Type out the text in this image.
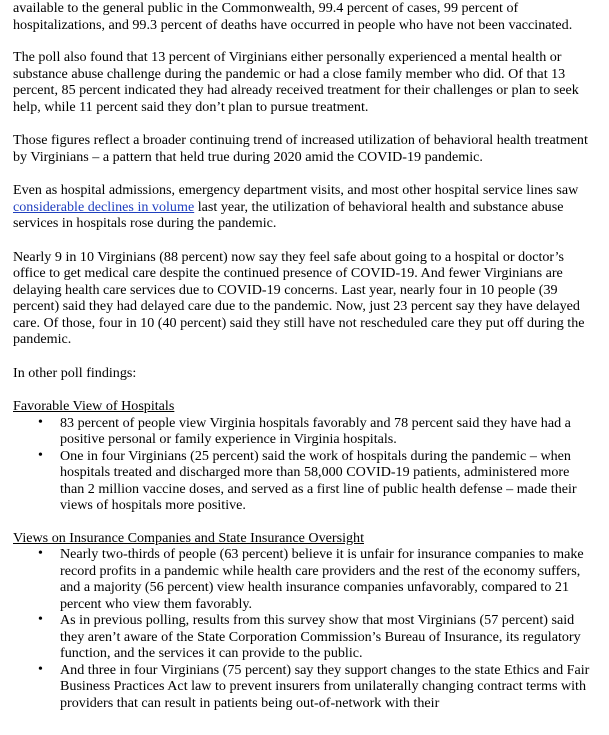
available to the general public in the Commonwealth, 99.4 percent of cases, 99 percent of hospitalizations, and 99.3 percent of deaths have occurred in people who have not been vaccinated.

The poll also found that 13 percent of Virginians either personally experienced a mental health or substance abuse challenge during the pandemic or had a close family member who did. Of that 13 percent, 85 percent indicated they had already received treatment for their challenges or plan to seek help, while 11 percent said they don’t plan to pursue treatment.

Those figures reflect a broader continuing trend of increased utilization of behavioral health treatment by Virginians – a pattern that held true during 2020 amid the COVID-19 pandemic.

Even as hospital admissions, emergency department visits, and most other hospital service lines saw considerable declines in volume last year, the utilization of behavioral health and substance abuse services in hospitals rose during the pandemic.

Nearly 9 in 10 Virginians (88 percent) now say they feel safe about going to a hospital or doctor’s office to get medical care despite the continued presence of COVID-19. And fewer Virginians are delaying health care services due to COVID-19 concerns. Last year, nearly four in 10 people (39 percent) said they had delayed care due to the pandemic. Now, just 23 percent say they have delayed care. Of those, four in 10 (40 percent) said they still have not rescheduled care they put off during the pandemic.

In other poll findings:

Favorable View of Hospitals
• 83 percent of people view Virginia hospitals favorably and 78 percent said they have had a positive personal or family experience in Virginia hospitals.
• One in four Virginians (25 percent) said the work of hospitals during the pandemic – when hospitals treated and discharged more than 58,000 COVID-19 patients, administered more than 2 million vaccine doses, and served as a first line of public health defense – made their views of hospitals more positive.
Views on Insurance Companies and State Insurance Oversight
• Nearly two-thirds of people (63 percent) believe it is unfair for insurance companies to make record profits in a pandemic while health care providers and the rest of the economy suffers, and a majority (56 percent) view health insurance companies unfavorably, compared to 21 percent who view them favorably.
• As in previous polling, results from this survey show that most Virginians (57 percent) said they aren’t aware of the State Corporation Commission’s Bureau of Insurance, its regulatory function, and the services it can provide to the public.
• And three in four Virginians (75 percent) say they support changes to the state Ethics and Fair Business Practices Act law to prevent insurers from unilaterally changing contract terms with providers that can result in patients being out-of-network with their
